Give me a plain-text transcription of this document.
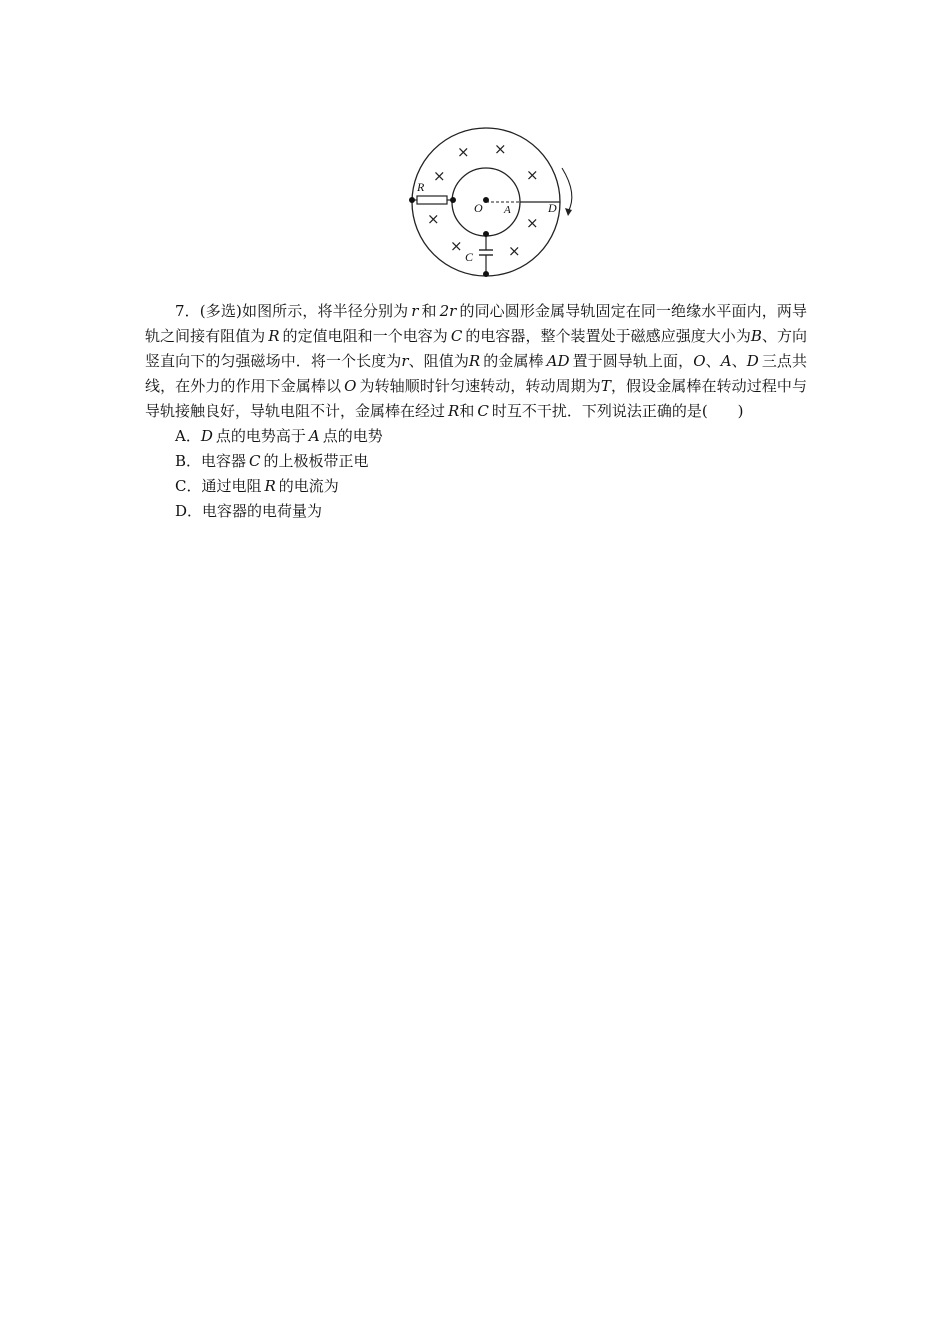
R
O A	D
C
× ×
×	×
×	×
×	×

7．(多选)如图所示，将半径分别为 r 和 2r 的同心圆形金属导轨固定在同一绝缘水平面内，两导轨之间接有阻值为 R 的定值电阻和一个电容为 C 的电容器，整个装置处于磁感应强度大小为B、方向竖直向下的匀强磁场中．将一个长度为r、阻值为R 的金属棒 AD 置于圆导轨上面，O、A、D 三点共线，在外力的作用下金属棒以 O 为转轴顺时针匀速转动，转动周期为T，假设金属棒在转动过程中与导轨接触良好，导轨电阻不计，金属棒在经过 R和 C 时互不干扰．下列说法正确的是(　　)

A．D 点的电势高于 A 点的电势
B．电容器 C 的上极板带正电
C．通过电阻 R 的电流为
D．电容器的电荷量为
